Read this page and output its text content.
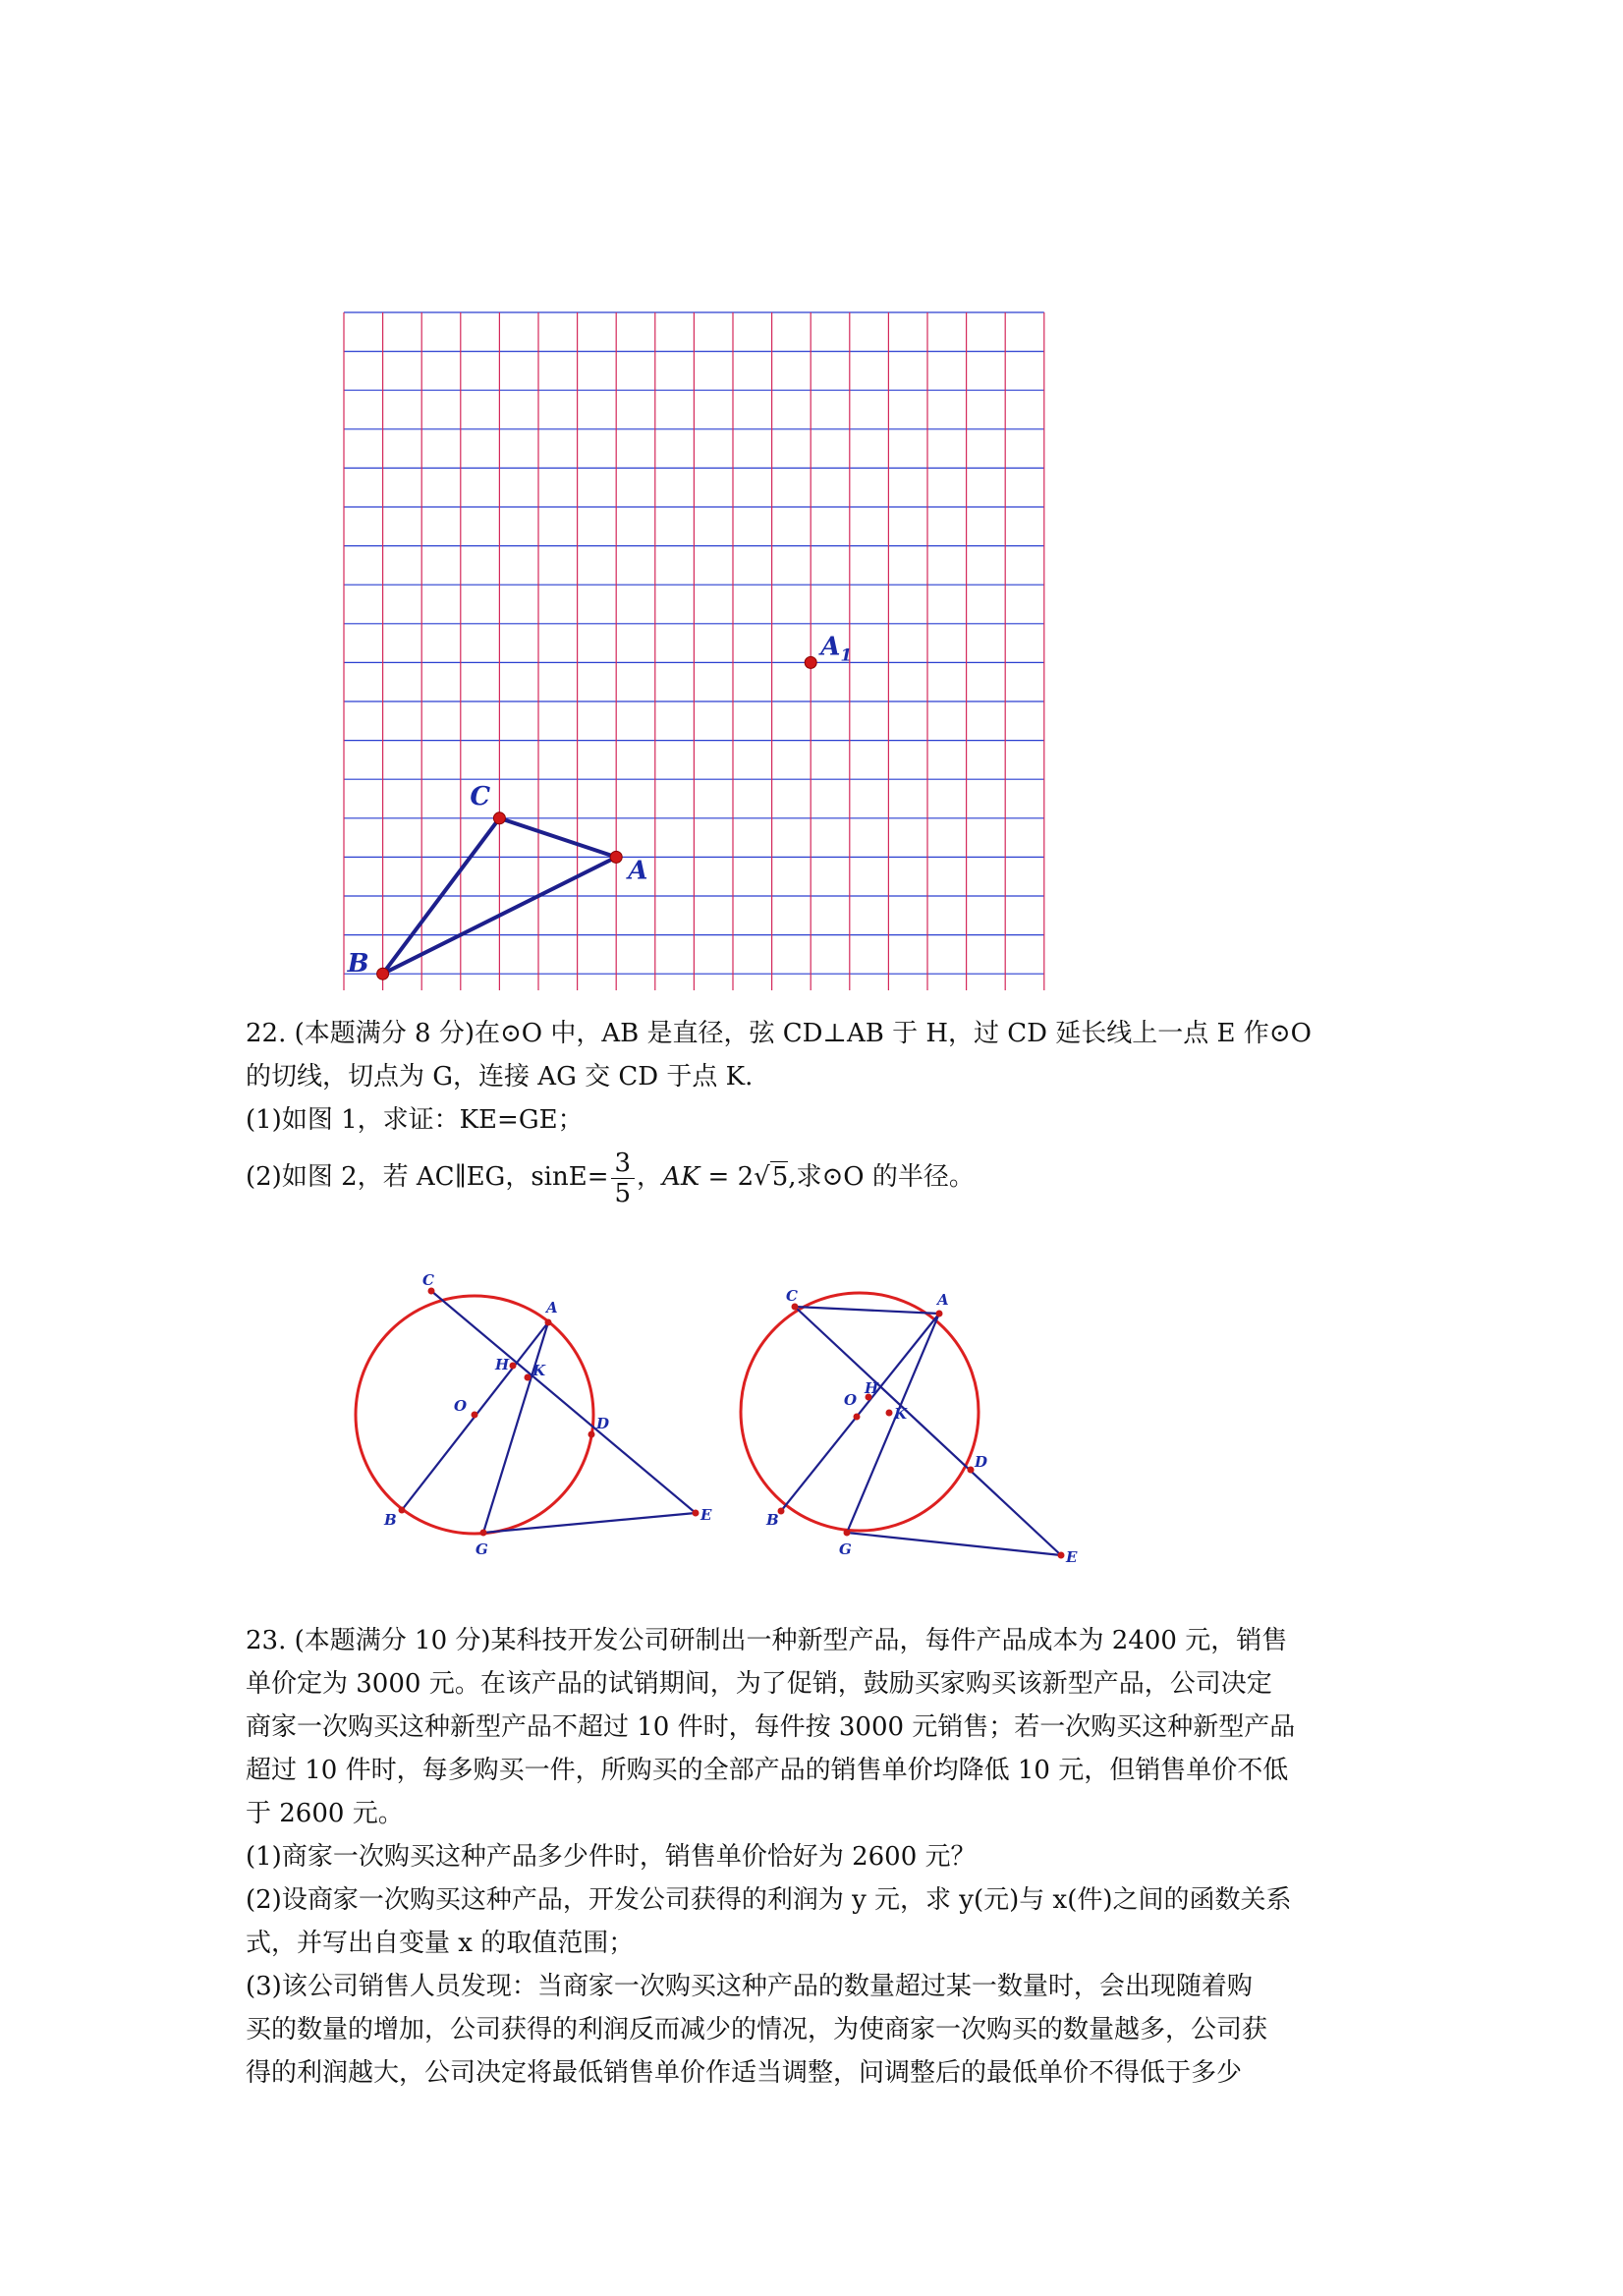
$A_1$
C
A
B

22. (本题满分 8 分)在⊙O 中，AB 是直径，弦 CD⊥AB 于 H，过 CD 延长线上一点 E 作⊙O

的切线，切点为 G，连接 AG 交 CD 于点 K.

(1)如图 1，求证：KE=GE；

(2)如图 2，若 AC∥EG，$\sin E= \frac{3}{5}$ ，AK = 2√5,求⊙O 的半径。

C
A
H K
O
D
B
G
E
C	A
H
K
O
D
B
G	E

23. (本题满分 10 分)某科技开发公司研制出一种新型产品，每件产品成本为 2400 元，销售

单价定为 3000 元。在该产品的试销期间，为了促销，鼓励买家购买该新型产品，公司决定

商家一次购买这种新型产品不超过 10 件时，每件按 3000 元销售；若一次购买这种新型产品

超过 10 件时，每多购买一件，所购买的全部产品的销售单价均降低 10 元，但销售单价不低

于 2600 元。

(1)商家一次购买这种产品多少件时，销售单价恰好为 2600 元？

(2)设商家一次购买这种产品，开发公司获得的利润为 y 元，求 y(元)与 x(件)之间的函数关系

式，并写出自变量 x 的取值范围；

(3)该公司销售人员发现：当商家一次购买这种产品的数量超过某一数量时，会出现随着购

买的数量的增加，公司获得的利润反而减少的情况，为使商家一次购买的数量越多，公司获

得的利润越大，公司决定将最低销售单价作适当调整，问调整后的最低单价不得低于多少
